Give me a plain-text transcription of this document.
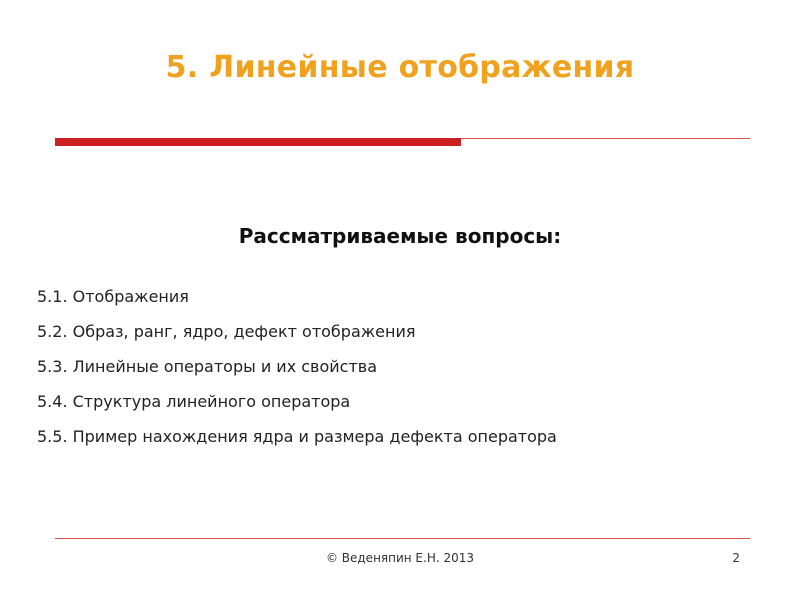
5. Линейные отображения
Рассматриваемые вопросы:
5.1. Отображения
5.2. Образ, ранг, ядро, дефект отображения
5.3. Линейные операторы и их свойства
5.4. Структура линейного оператора
5.5. Пример нахождения ядра и размера дефекта оператора
© Веденяпин Е.Н. 2013	2
